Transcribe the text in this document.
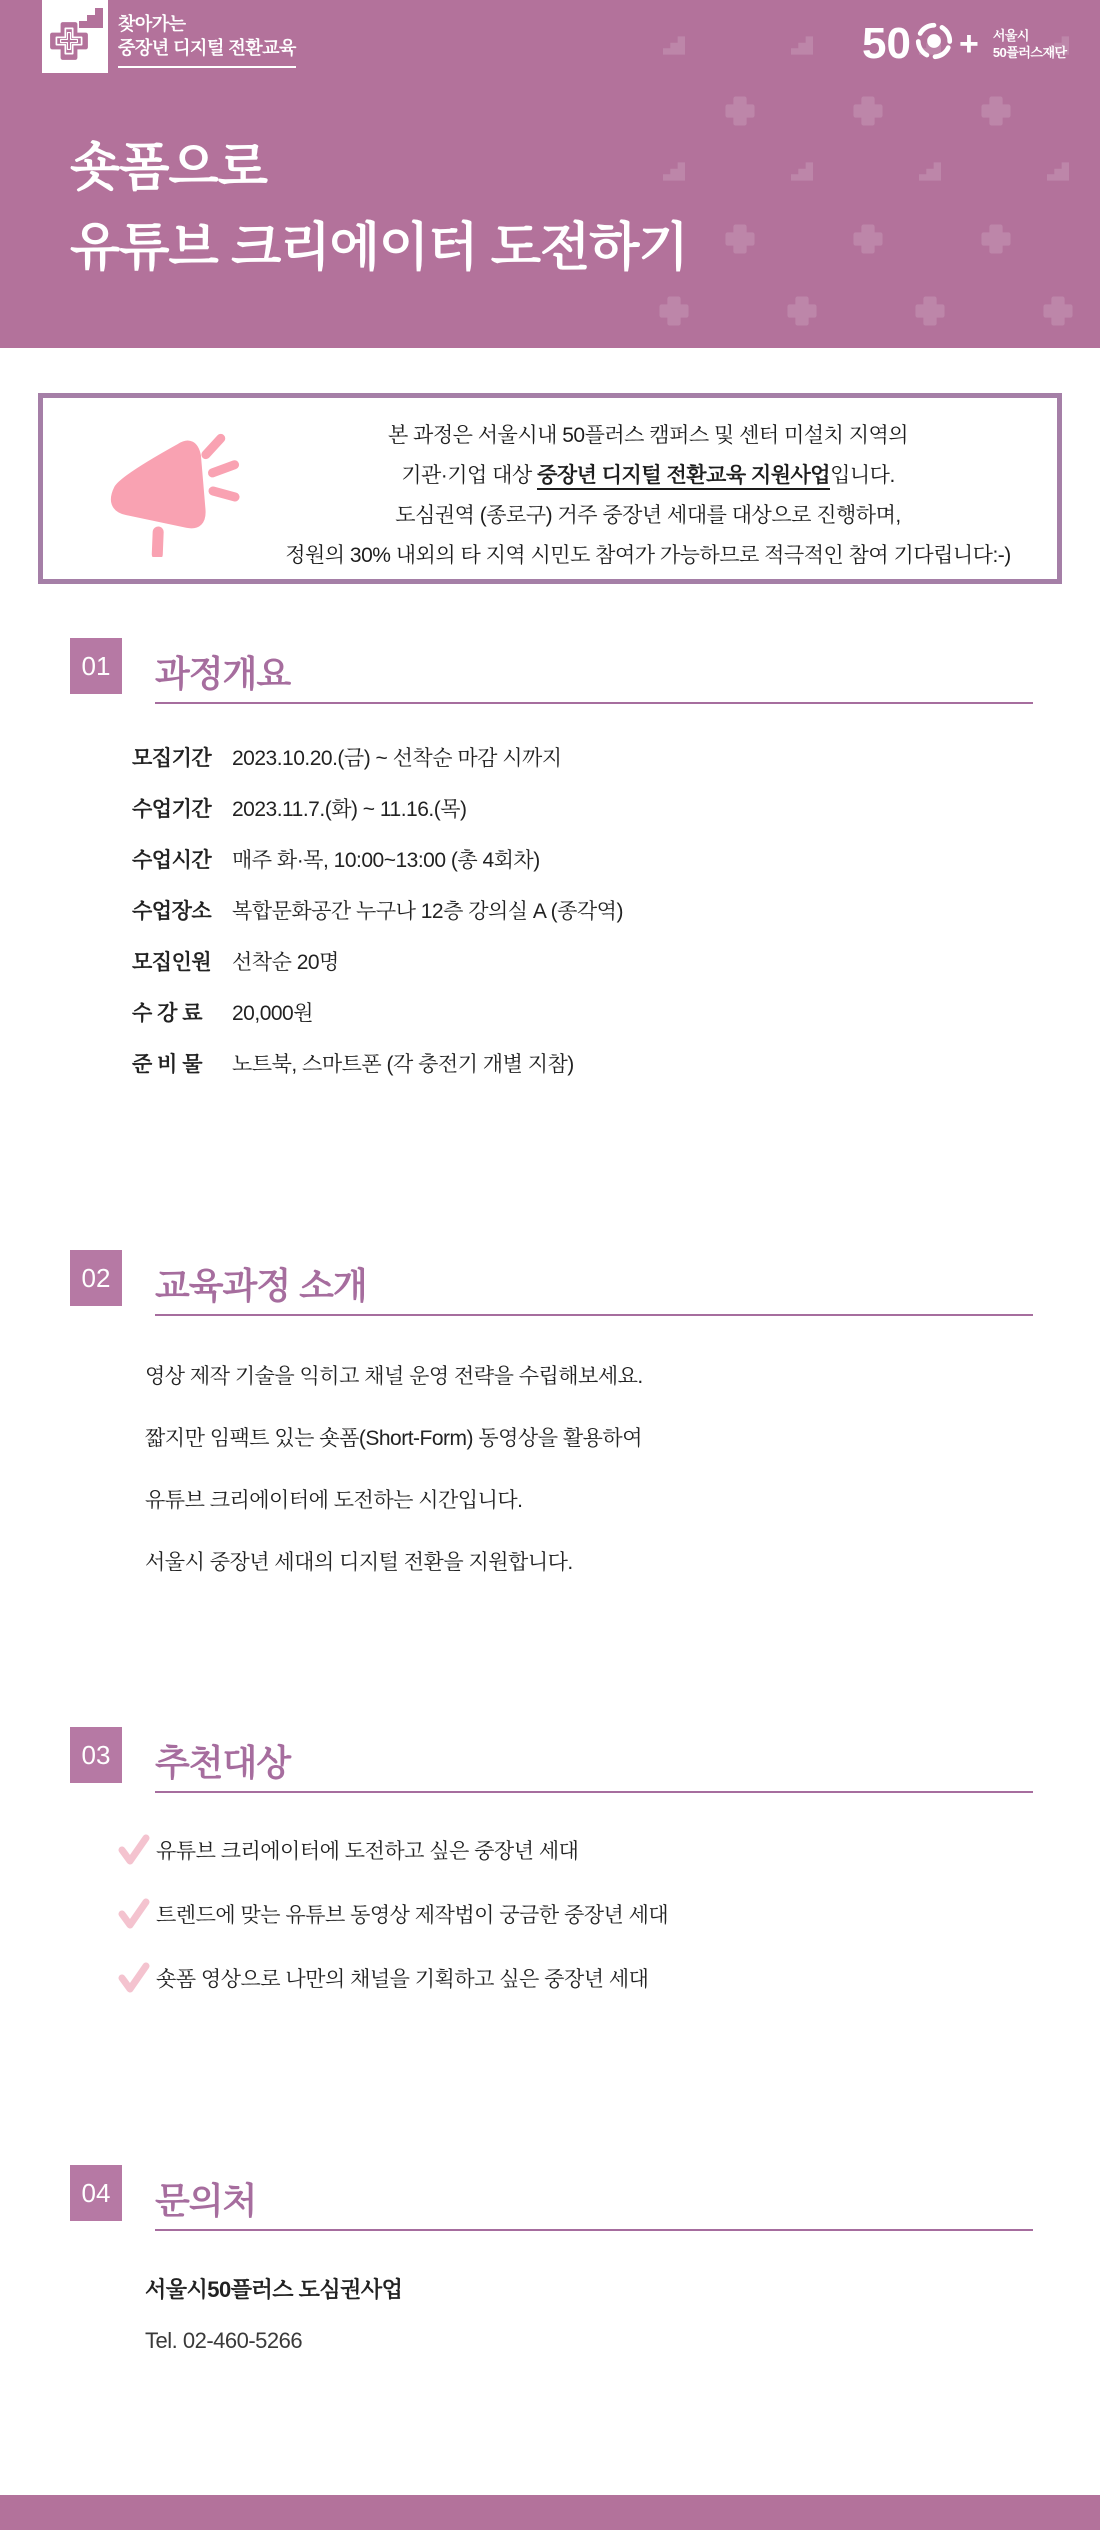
찾아가는
중장년 디지털 전환교육	50 + 서울시
50플러스재단
숏폼으로
유튜브 크리에이터 도전하기

본 과정은 서울시내 50플러스 캠퍼스 및 센터 미설치 지역의

기관·기업 대상 중장년 디지털 전환교육 지원사업입니다.

도심권역 (종로구) 거주 중장년 세대를 대상으로 진행하며,

정원의 30% 내외의 타 지역 시민도 참여가 가능하므로 적극적인 참여 기다립니다:-)

01	과정개요
모집기간 2023.10.20.(금) ~ 선착순 마감 시까지
수업기간 2023.11.7.(화) ~ 11.16.(목)
수업시간 매주 화·목, 10:00~13:00 (총 4회차)
수업장소 복합문화공간 누구나 12층 강의실 A (종각역)
모집인원 선착순 20명
수 강 료	20,000원
준 비 물	노트북, 스마트폰 (각 충전기 개별 지참)
02	교육과정 소개

영상 제작 기술을 익히고 채널 운영 전략을 수립해보세요.

짧지만 임팩트 있는 숏폼(Short-Form) 동영상을 활용하여

유튜브 크리에이터에 도전하는 시간입니다.

서울시 중장년 세대의 디지털 전환을 지원합니다.

03	추천대상
유튜브 크리에이터에 도전하고 싶은 중장년 세대
트렌드에 맞는 유튜브 동영상 제작법이 궁금한 중장년 세대
숏폼 영상으로 나만의 채널을 기획하고 싶은 중장년 세대
04	문의처

서울시50플러스 도심권사업

Tel. 02-460-5266
